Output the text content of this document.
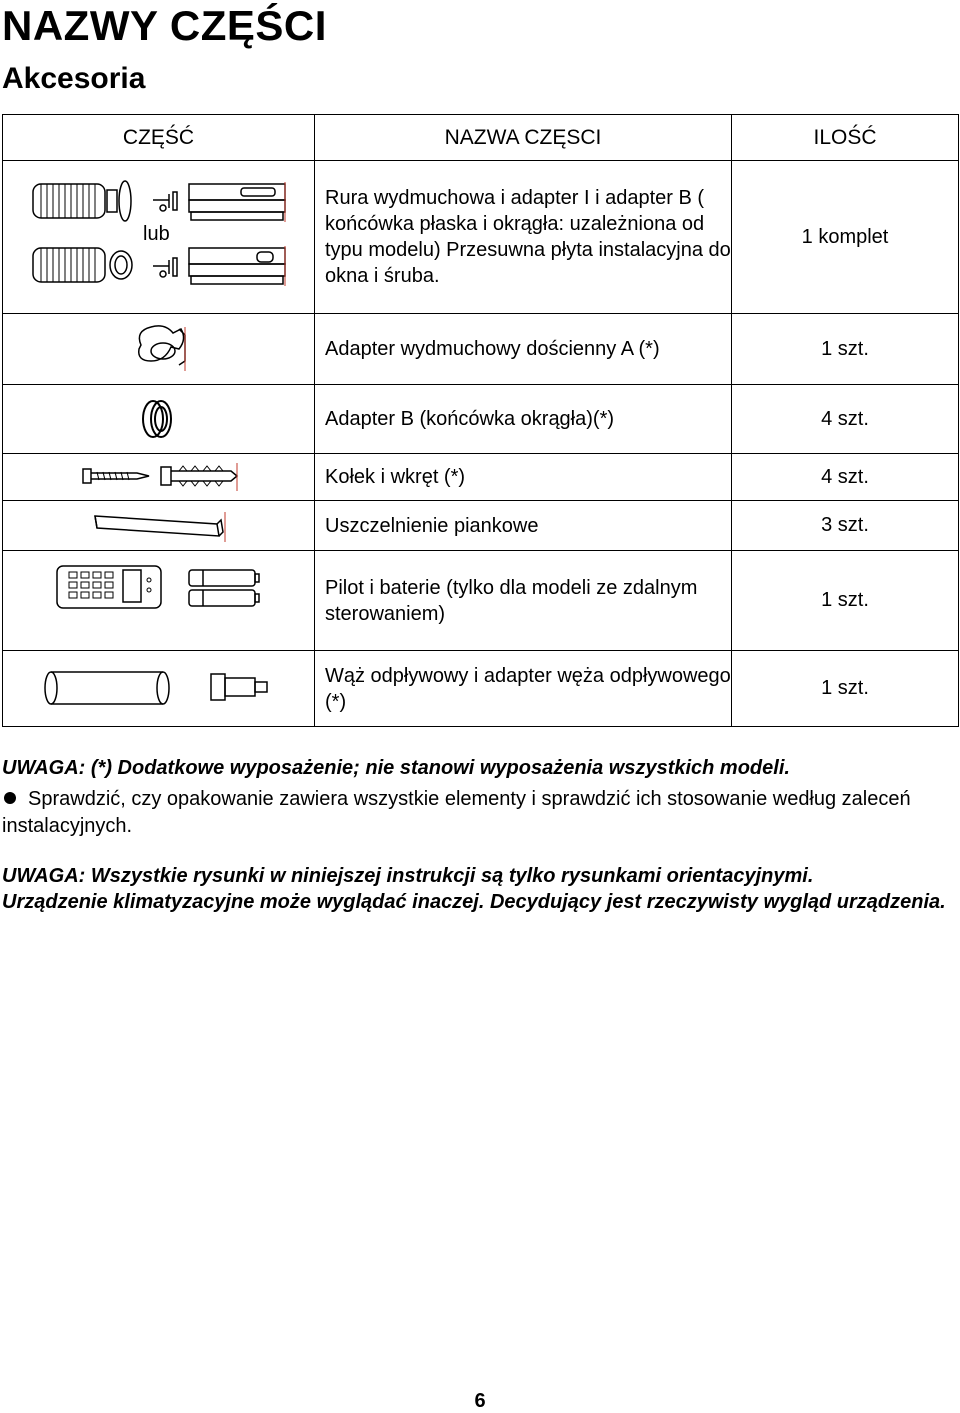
NAZWY CZĘŚCI
Akcesoria
CZĘŚĆ	NAZWA CZĘSCI	ILOŚĆ

lub	Rura wydmuchowa i adapter I i adapter B ( końcówka płaska i okrągła: uzależniona od typu modelu) Przesuwna płyta instalacyjna do okna i śruba.	1 komplet

	Adapter wydmuchowy dościenny A (*)	1 szt.

	Adapter B (końcówka okrągła)(*)	4 szt.

	Kołek i wkręt (*)	4 szt.

	Uszczelnienie piankowe	3 szt.

	Pilot i baterie (tylko dla modeli ze zdalnym sterowaniem)	1 szt.

	Wąż odpływowy i adapter węża odpływowego (*)	1 szt.

UWAGA: (*) Dodatkowe wyposażenie; nie stanowi wyposażenia wszystkich modeli.

Sprawdzić, czy opakowanie zawiera wszystkie elementy i sprawdzić ich stosowanie według zaleceń instalacyjnych.

UWAGA: Wszystkie rysunki w niniejszej instrukcji są tylko rysunkami orientacyjnymi.

Urządzenie klimatyzacyjne może wyglądać inaczej. Decydujący jest rzeczywisty wygląd urządzenia.

6
